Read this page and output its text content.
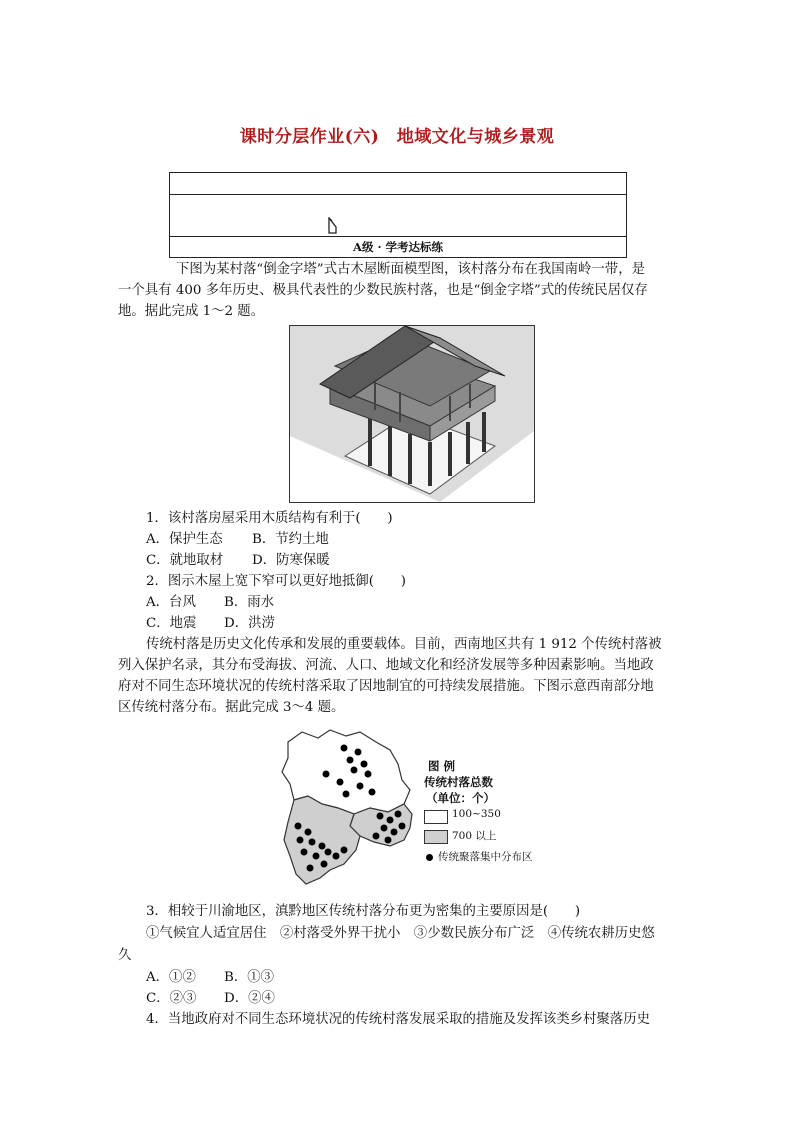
课时分层作业(六)　地域文化与城乡景观
A级 · 学考达标练
下图为某村落“倒金字塔”式古木屋断面模型图，该村落分布在我国南岭一带，是
一个具有 400 多年历史、极具代表性的少数民族村落，也是“倒金字塔”式的传统民居仅存
地。据此完成 1～2 题。
1．该村落房屋采用木质结构有利于(　　)
A．保护生态 B．节约土地
C．就地取材 D．防寒保暖
2．图示木屋上宽下窄可以更好地抵御(　　)
A．台风 B．雨水
C．地震 D．洪涝
传统村落是历史文化传承和发展的重要载体。目前，西南地区共有 1 912 个传统村落被
列入保护名录，其分布受海拔、河流、人口、地域文化和经济发展等多种因素影响。当地政
府对不同生态环境状况的传统村落采取了因地制宜的可持续发展措施。下图示意西南部分地
区传统村落分布。据此完成 3～4 题。
图 例
传统村落总数
（单位：个）
100~350
700 以上
传统聚落集中分布区
3．相较于川渝地区，滇黔地区传统村落分布更为密集的主要原因是(　　)
①气候宜人适宜居住　②村落受外界干扰小　③少数民族分布广泛　④传统农耕历史悠
久
A．①② B．①③
C．②③ D．②④
4．当地政府对不同生态环境状况的传统村落发展采取的措施及发挥该类乡村聚落历史
